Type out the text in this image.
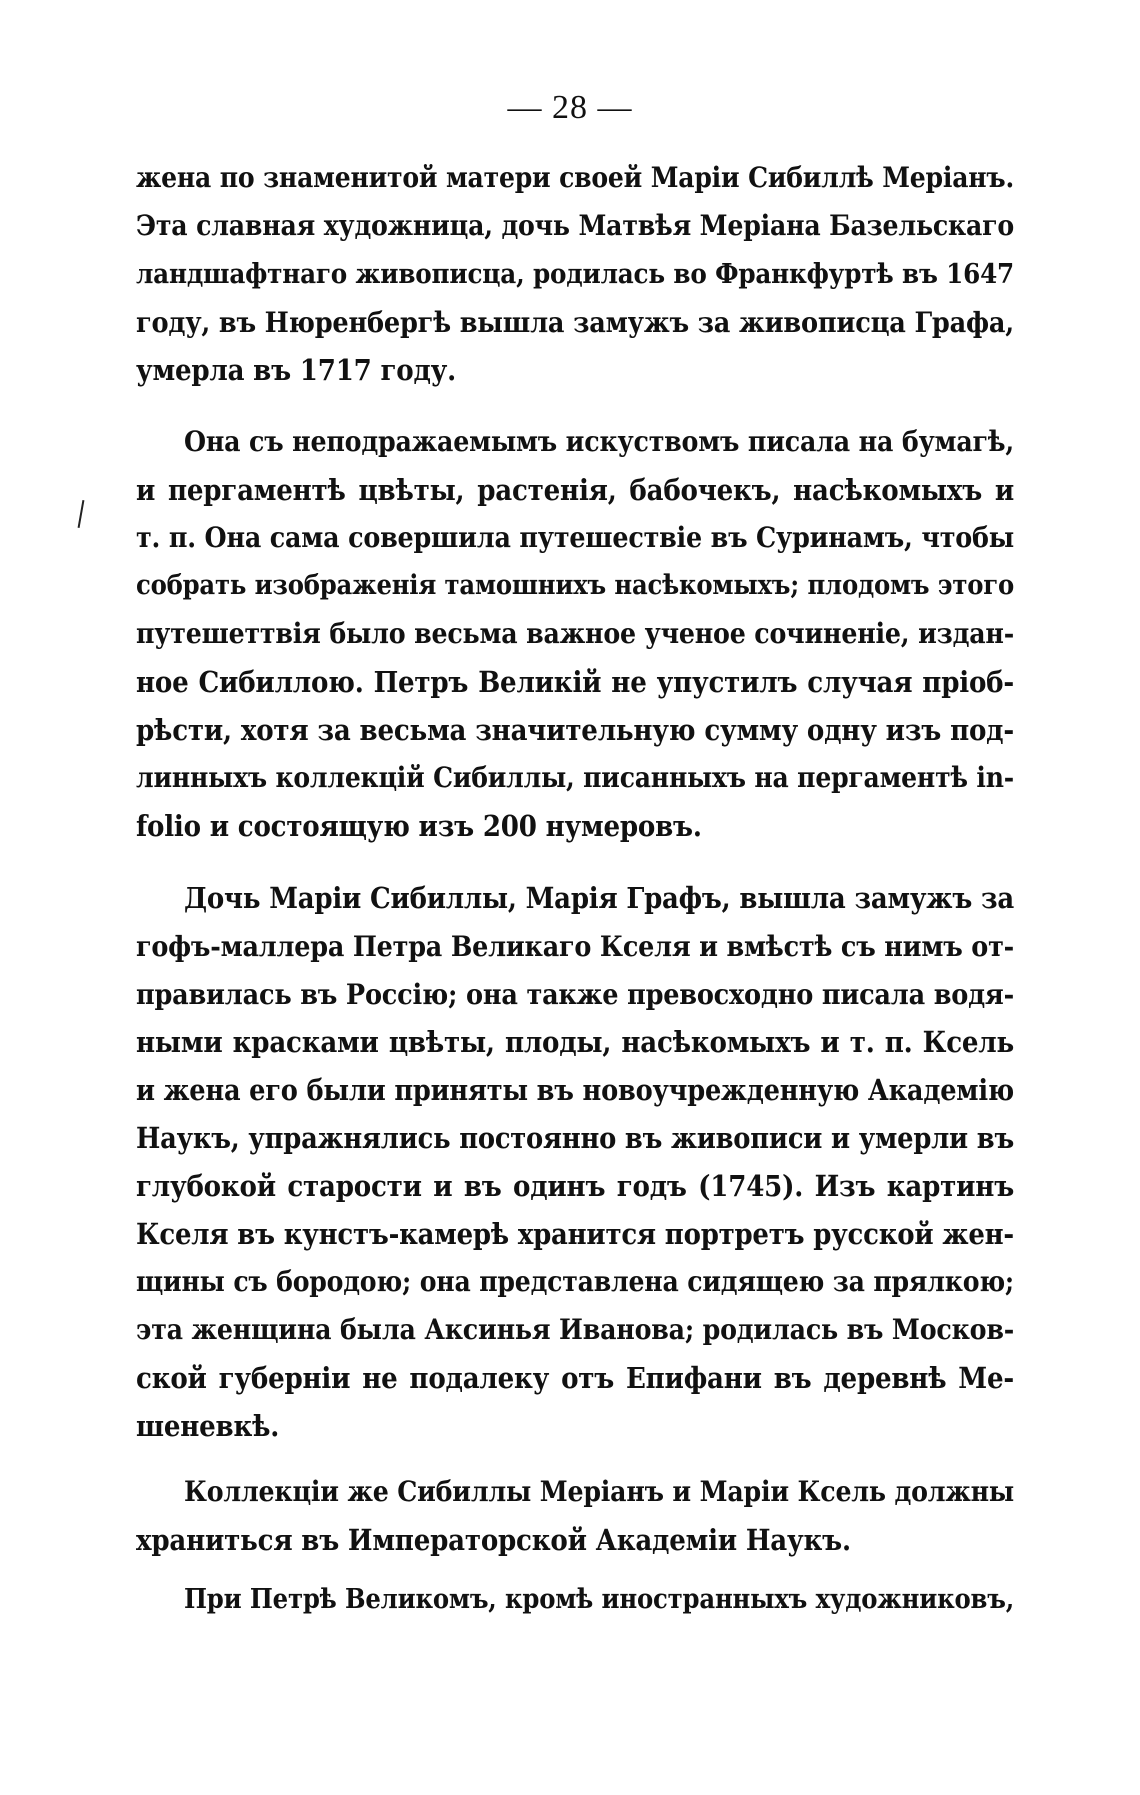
— 28 —
жена по знаменитой матери своей Маріи Сибиллѣ Меріанъ.
Эта славная художница, дочь Матвѣя Меріана Базельскаго
ландшафтнаго живописца, родилась во Франкфуртѣ въ 1647
году, въ Нюренбергѣ вышла замужъ за живописца Графа,
умерла въ 1717 году.
Она съ неподражаемымъ искуствомъ писала на бумагѣ,
и пергаментѣ цвѣты, растенія, бабочекъ, насѣкомыхъ и
т. п. Она сама совершила путешествіе въ Суринамъ, чтобы
собрать изображенія тамошнихъ насѣкомыхъ; плодомъ этого
путешеттвія было весьма важное ученое сочиненіе, издан-
ное Сибиллою. Петръ Великій не упустилъ случая пріоб-
рѣсти, хотя за весьма значительную сумму одну изъ под-
линныхъ коллекцій Сибиллы, писанныхъ на пергаментѣ in-
folio и состоящую изъ 200 нумеровъ.
Дочь Маріи Сибиллы, Марія Графъ, вышла замужъ за
гофъ-маллера Петра Великаго Кселя и вмѣстѣ съ нимъ от-
правилась въ Россію; она также превосходно писала водя-
ными красками цвѣты, плоды, насѣкомыхъ и т. п. Ксель
и жена его были приняты въ новоучрежденную Академію
Наукъ, упражнялись постоянно въ живописи и умерли въ
глубокой старости и въ одинъ годъ (1745). Изъ картинъ
Кселя въ кунстъ-камерѣ хранится портретъ русской жен-
щины съ бородою; она представлена сидящею за прялкою;
эта женщина была Аксинья Иванова; родилась въ Москов-
ской губерніи не подалеку отъ Епифани въ деревнѣ Ме-
шеневкѣ.
Коллекціи же Сибиллы Меріанъ и Маріи Ксель должны
храниться въ Императорской Академіи Наукъ.
При Петрѣ Великомъ, кромѣ иностранныхъ художниковъ,
